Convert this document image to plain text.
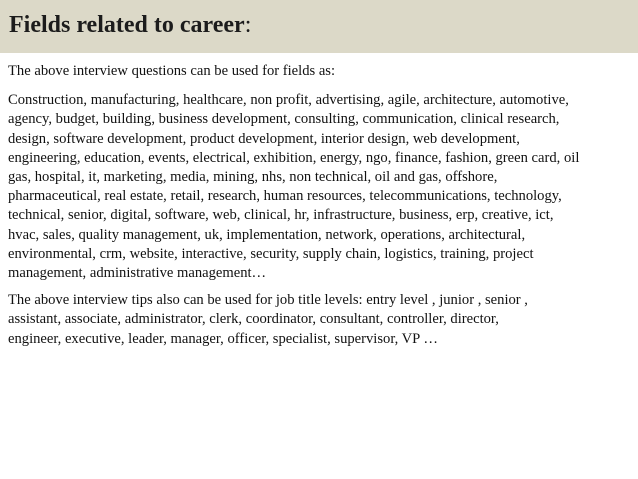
Fields related to career:

The above interview questions can be used for fields as:

Construction, manufacturing, healthcare, non profit, advertising, agile, architecture, automotive,
agency, budget, building, business development, consulting, communication, clinical research,
design, software development, product development, interior design, web development,
engineering, education, events, electrical, exhibition, energy, ngo, finance, fashion, green card, oil
gas, hospital, it, marketing, media, mining, nhs, non technical, oil and gas, offshore,
pharmaceutical, real estate, retail, research, human resources, telecommunications, technology,
technical, senior, digital, software, web, clinical, hr, infrastructure, business, erp, creative, ict,
hvac, sales, quality management, uk, implementation, network, operations, architectural,
environmental, crm, website, interactive, security, supply chain, logistics, training, project
management, administrative management…

The above interview tips also can be used for job title levels: entry level , junior , senior ,
assistant, associate, administrator, clerk, coordinator, consultant, controller, director,
engineer, executive, leader, manager, officer, specialist, supervisor, VP …
